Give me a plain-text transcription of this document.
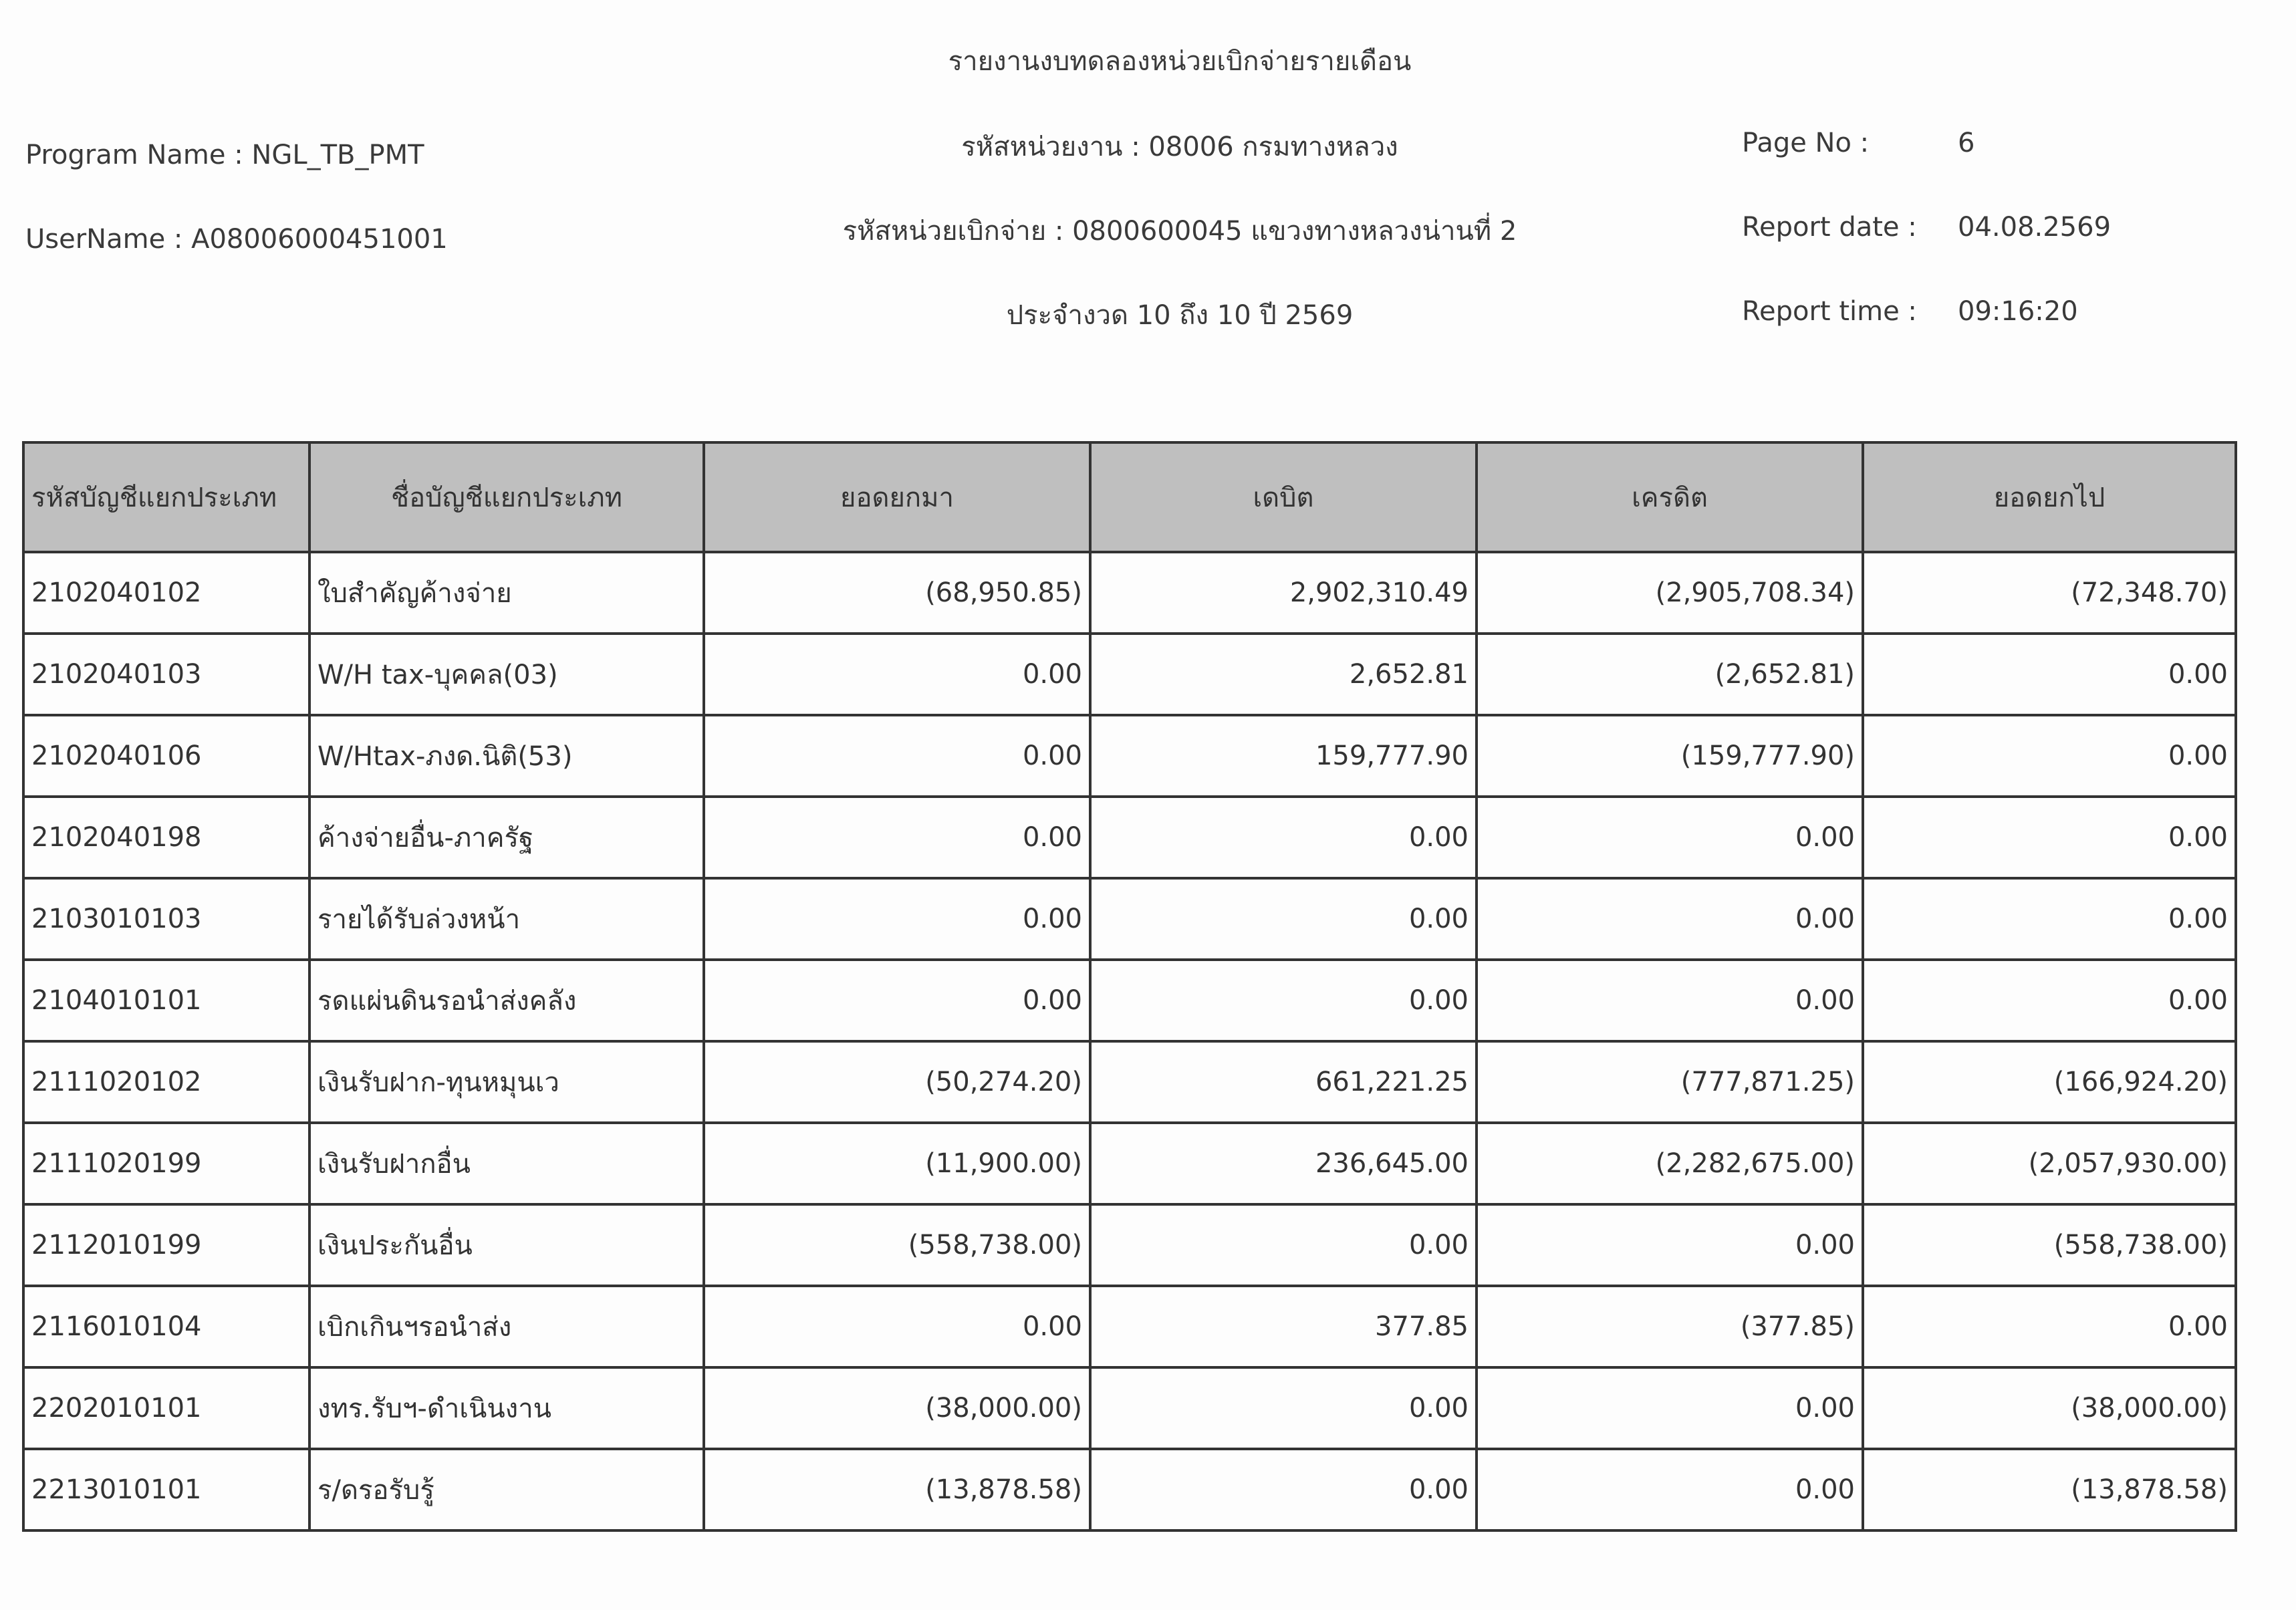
รายงานงบทดลองหน่วยเบิกจ่ายรายเดือน
Program Name : NGL_TB_PMT	รหัสหน่วยงาน : 08006 กรมทางหลวง	Page No :	6
UserName : A08006000451001	รหัสหน่วยเบิกจ่าย : 0800600045 แขวงทางหลวงน่านที่ 2	Report date : 04.08.2569
ประจำงวด 10 ถึง 10 ปี 2569	Report time : 09:16:20
รหัสบัญชีแยกประเภท	ชื่อบัญชีแยกประเภท	ยอดยกมา	เดบิต	เครดิต	ยอดยกไป
2102040102	ใบสำคัญค้างจ่าย	(68,950.85)	2,902,310.49	(2,905,708.34)	(72,348.70)
2102040103	W/H tax-บุคคล(03)	0.00	2,652.81	(2,652.81)	0.00
2102040106	W/Htax-ภงด.นิติ(53)	0.00	159,777.90	(159,777.90)	0.00
2102040198	ค้างจ่ายอื่น-ภาครัฐ	0.00	0.00	0.00	0.00
2103010103	รายได้รับล่วงหน้า	0.00	0.00	0.00	0.00
2104010101	รดแผ่นดินรอนำส่งคลัง	0.00	0.00	0.00	0.00
2111020102	เงินรับฝาก-ทุนหมุนเว	(50,274.20)	661,221.25	(777,871.25)	(166,924.20)
2111020199	เงินรับฝากอื่น	(11,900.00)	236,645.00	(2,282,675.00)	(2,057,930.00)
2112010199	เงินประกันอื่น	(558,738.00)	0.00	0.00	(558,738.00)
2116010104	เบิกเกินฯรอนำส่ง	0.00	377.85	(377.85)	0.00
2202010101	งทร.รับฯ-ดำเนินงาน	(38,000.00)	0.00	0.00	(38,000.00)
2213010101	ร/ดรอรับรู้	(13,878.58)	0.00	0.00	(13,878.58)
